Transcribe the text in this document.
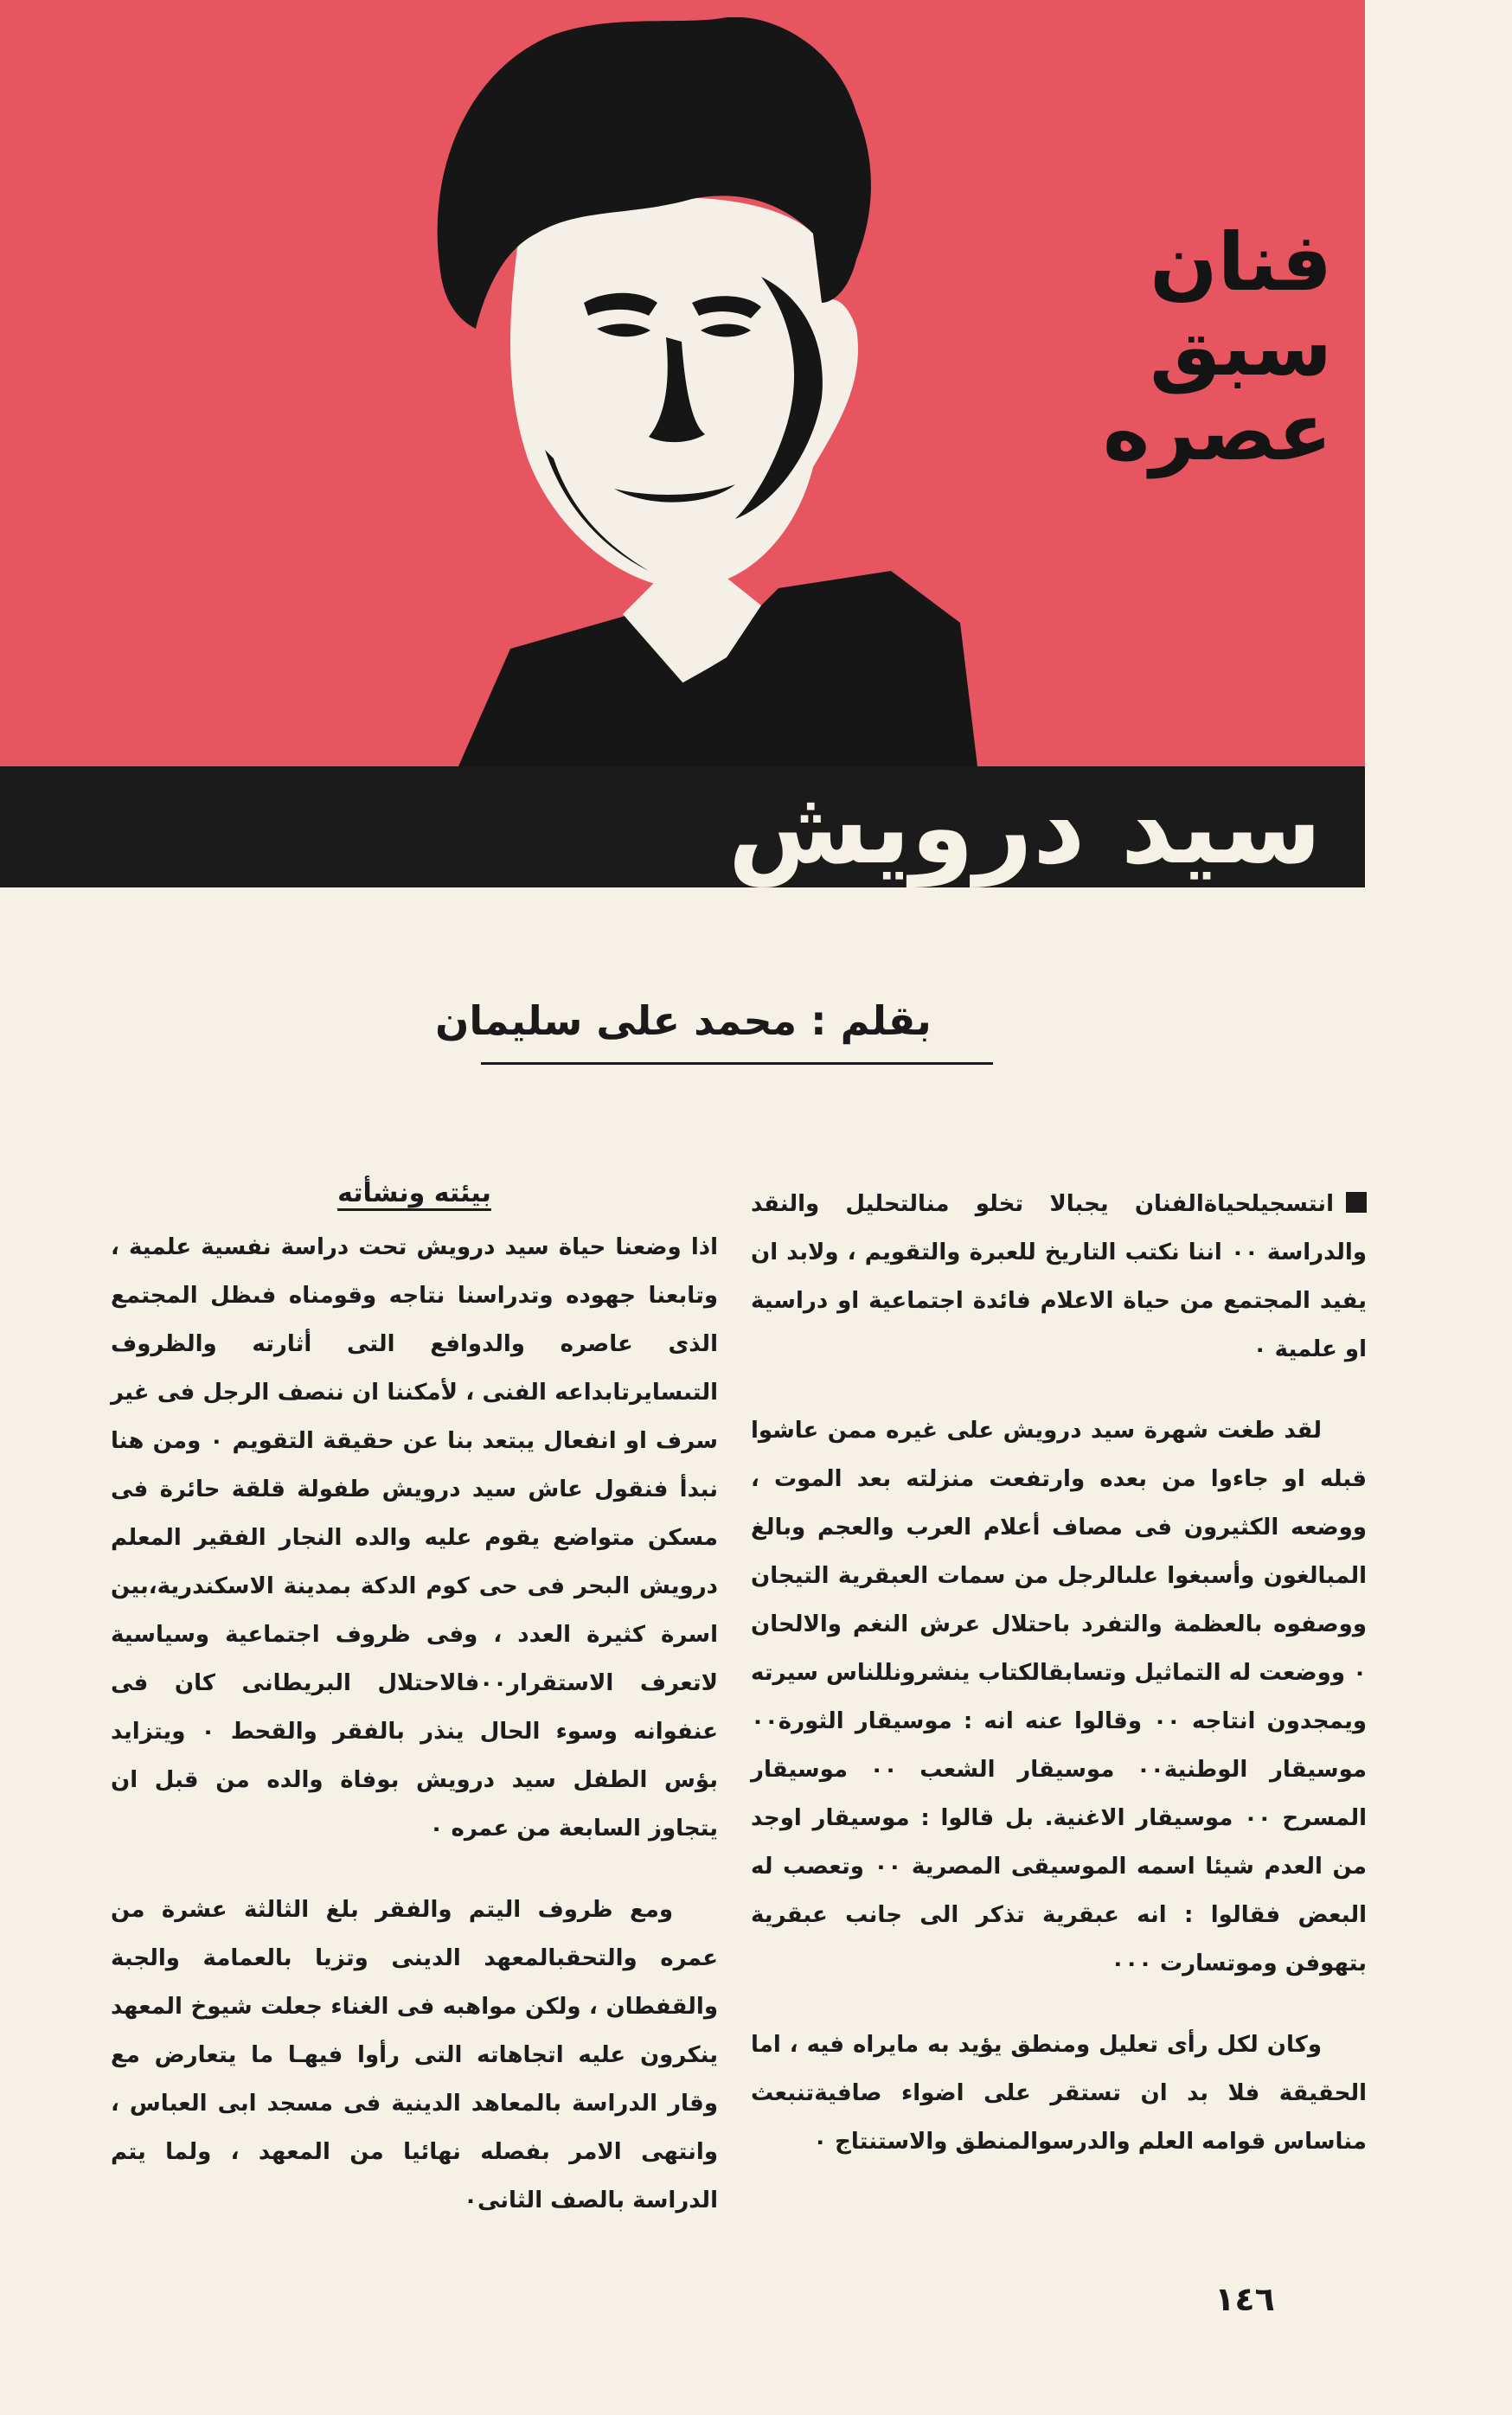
فنان
سبق
عصره
سيد درويش
بقلم : محمد على سليمان

انتسجيلحياةالفنان يجبالا تخلو منالتحليل والنقد والدراسة ٠٠ اننا نكتب التاريخ للعبرة والتقويم ، ولابد ان يفيد المجتمع من حياة الاعلام فائدة اجتماعية او دراسية او علمية ٠

لقد طغت شهرة سيد درويش على غيره ممن عاشوا قبله او جاءوا من بعده وارتفعت منزلته بعد الموت ، ووضعه الكثيرون فى مصاف أعلام العرب والعجم وبالغ المبالغون وأسبغوا علىالرجل من سمات العبقرية التيجان ووصفوه بالعظمة والتفرد باحتلال عرش النغم والالحان ٠ ووضعت له التماثيل وتسابقالكتاب ينشرونللناس سيرته ويمجدون انتاجه ٠٠ وقالوا عنه انه : موسيقار الثورة٠٠ موسيقار الوطنية٠٠ موسيقار الشعب ٠٠ موسيقار المسرح ٠٠ موسيقار الاغنية. بل قالوا : موسيقار اوجد من العدم شيئا اسمه الموسيقى المصرية ٠٠ وتعصب له البعض فقالوا : انه عبقرية تذكر الى جانب عبقرية بتهوفن وموتسارت ٠٠٠

وكان لكل رأى تعليل ومنطق يؤيد به مايراه فيه ، اما الحقيقة فلا بد ان تستقر على اضواء صافيةتنبعث مناساس قوامه العلم والدرسوالمنطق والاستنتاج ٠

بيئته ونشأته

اذا وضعنا حياة سيد درويش تحت دراسة نفسية علمية ، وتابعنا جهوده وتدراسنا نتاجه وقومناه فىظل المجتمع الذى عاصره والدوافع التى أثارته والظروف التىسايرتابداعه الفنى ، لأمكننا ان ننصف الرجل فى غير سرف او انفعال يبتعد بنا عن حقيقة التقويم ٠ ومن هنا نبدأ فنقول عاش سيد درويش طفولة قلقة حائرة فى مسكن متواضع يقوم عليه والده النجار الفقير المعلم درويش البحر فى حى كوم الدكة بمدينة الاسكندرية،بين اسرة كثيرة العدد ، وفى ظروف اجتماعية وسياسية لاتعرف الاستقرار٠٠فالاحتلال البريطانى كان فى عنفوانه وسوء الحال ينذر بالفقر والقحط ٠ ويتزايد بؤس الطفل سيد درويش بوفاة والده من قبل ان يتجاوز السابعة من عمره ٠

ومع ظروف اليتم والفقر بلغ الثالثة عشرة من عمره والتحقبالمعهد الدينى وتزيا بالعمامة والجبة والقفطان ، ولكن مواهبه فى الغناء جعلت شيوخ المعهد ينكرون عليه اتجاهاته التى رأوا فيهـا ما يتعارض مع وقار الدراسة بالمعاهد الدينية فى مسجد ابى العباس ، وانتهى الامر بفصله نهائيا من المعهد ، ولما يتم الدراسة بالصف الثانى٠

١٤٦
